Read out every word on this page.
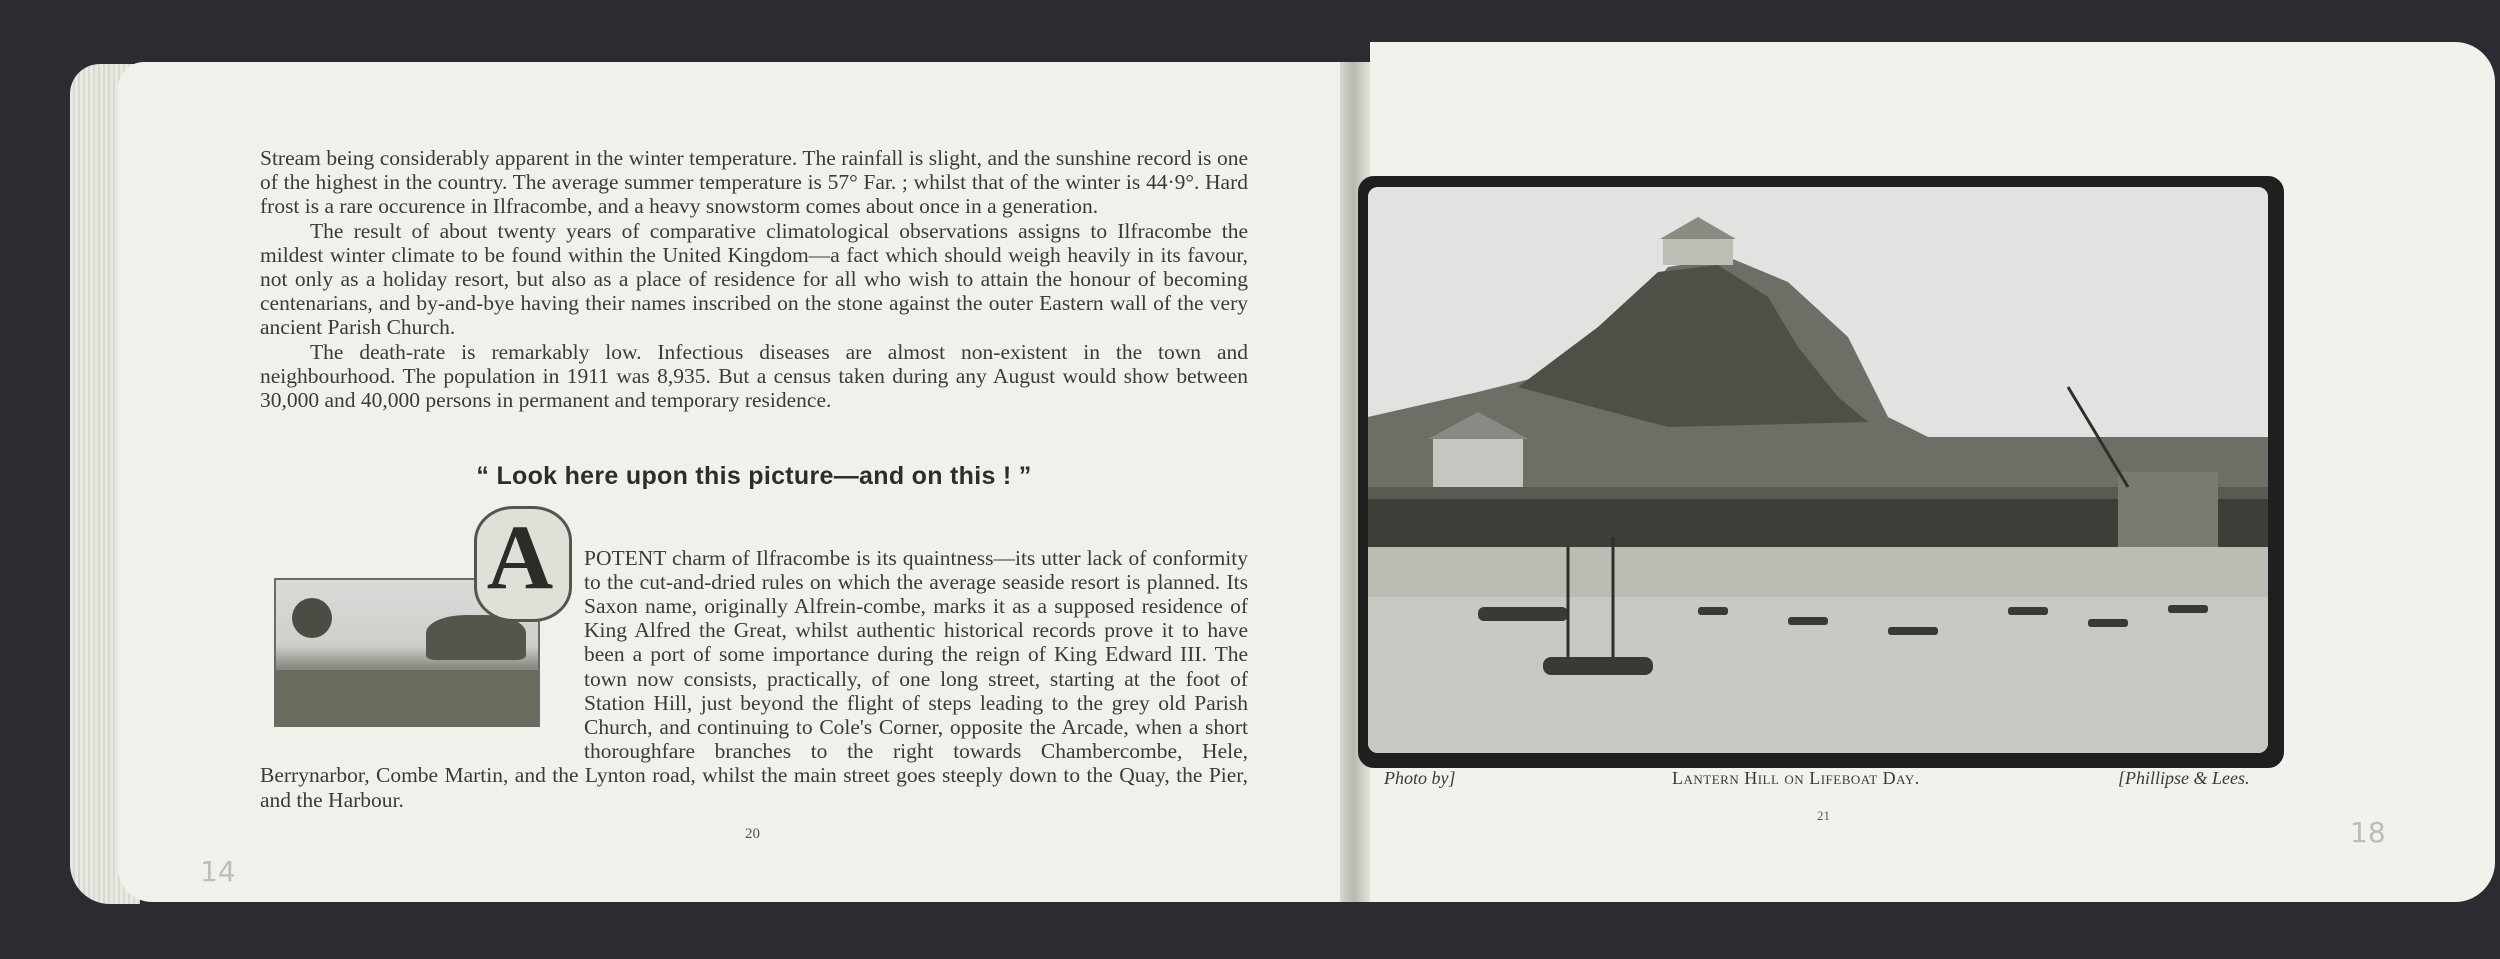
Stream being considerably apparent in the winter temperature. The rainfall is slight, and the sunshine record is one of the highest in the country. The average summer temperature is 57° Far. ; whilst that of the winter is 44·9°. Hard frost is a rare occurence in Ilfracombe, and a heavy snowstorm comes about once in a generation.

The result of about twenty years of comparative climatological observations assigns to Ilfracombe the mildest winter climate to be found within the United Kingdom—a fact which should weigh heavily in its favour, not only as a holiday resort, but also as a place of residence for all who wish to attain the honour of becoming centenarians, and by-and-bye having their names inscribed on the stone against the outer Eastern wall of the very ancient Parish Church.

The death-rate is remarkably low. Infectious diseases are almost non-existent in the town and neighbourhood. The population in 1911 was 8,935. But a census taken during any August would show between 30,000 and 40,000 persons in permanent and temporary residence.

“ Look here upon this picture—and on this ! ”

POTENT charm of Ilfracombe is its quaintness—its utter lack of conformity to the cut-and-dried rules on which the average seaside resort is planned. Its Saxon name, originally Alfrein-combe, marks it as a supposed residence of King Alfred the Great, whilst authentic historical records prove it to have been a port of some importance during the reign of King Edward III. The town now consists, practically, of one long street, starting at the foot of Station Hill, just beyond the flight of steps leading to the grey old Parish Church, and continuing to Cole's Corner, opposite the Arcade, when a short thoroughfare branches to the right towards Chambercombe, Hele, Berrynarbor, Combe Martin, and the Lynton road, whilst the main street goes steeply down to the Quay, the Pier, and the Harbour.

A
20
14
Photo by]	Lantern Hill on Lifeboat Day.	[Phillipse & Lees.
21
18
